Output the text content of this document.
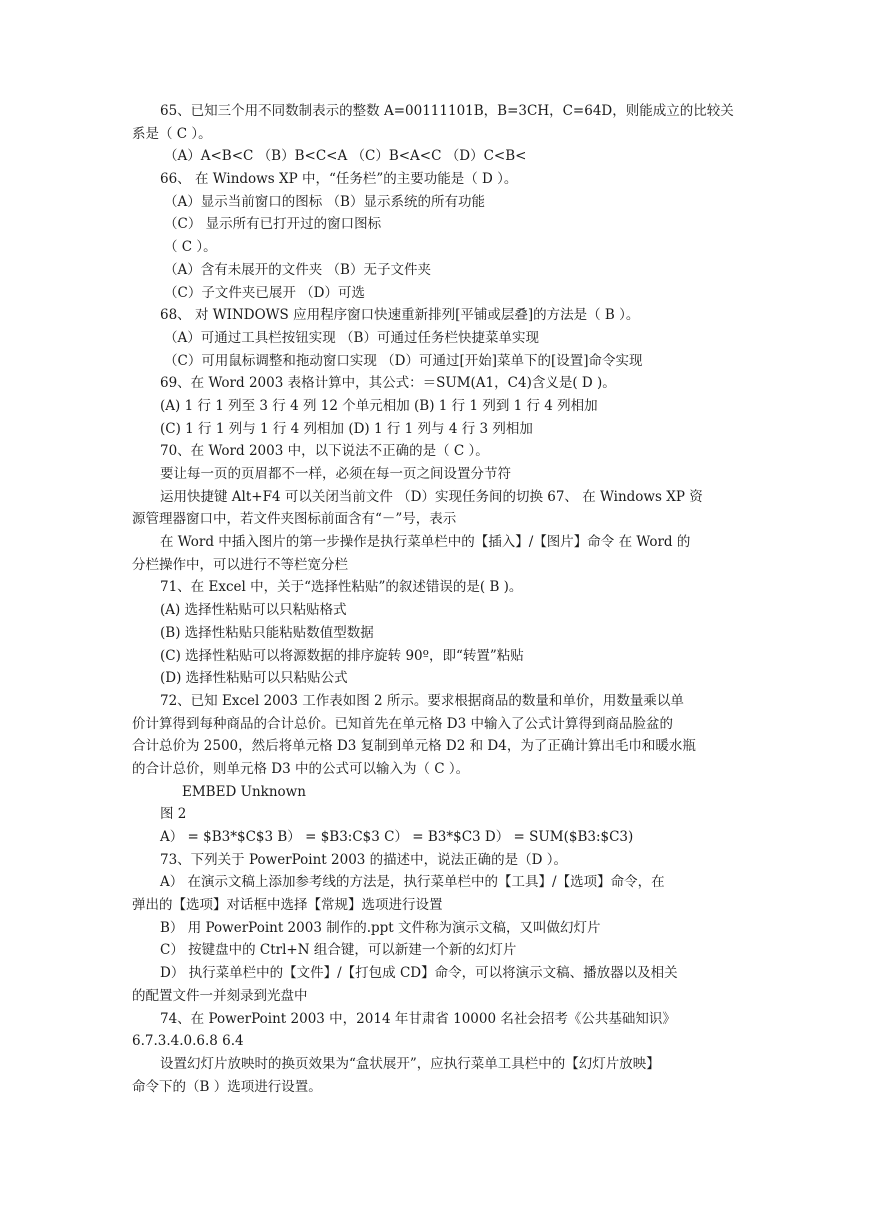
65、已知三个用不同数制表示的整数 A=00111101B，B=3CH，C=64D，则能成立的比较关
系是（ C ）。
（A）A<B<C （B）B<C<A （C）B<A<C （D）C<B<
66、 在 Windows XP 中，“任务栏”的主要功能是（ D ）。
（A）显示当前窗口的图标 （B）显示系统的所有功能
（C） 显示所有已打开过的窗口图标
（ C ）。
（A）含有未展开的文件夹 （B）无子文件夹
（C）子文件夹已展开 （D）可选
68、 对 WINDOWS 应用程序窗口快速重新排列[平铺或层叠]的方法是（ B ）。
（A）可通过工具栏按钮实现 （B）可通过任务栏快捷菜单实现
（C）可用鼠标调整和拖动窗口实现 （D）可通过[开始]菜单下的[设置]命令实现
69、在 Word 2003 表格计算中，其公式：＝SUM(A1，C4)含义是( D )。
(A) 1 行 1 列至 3 行 4 列 12 个单元相加 (B) 1 行 1 列到 1 行 4 列相加
(C) 1 行 1 列与 1 行 4 列相加 (D) 1 行 1 列与 4 行 3 列相加
70、在 Word 2003 中，以下说法不正确的是（ C ）。
要让每一页的页眉都不一样，必须在每一页之间设置分节符
运用快捷键 Alt+F4 可以关闭当前文件 （D）实现任务间的切换 67、 在 Windows XP 资
源管理器窗口中，若文件夹图标前面含有“－”号，表示
在 Word 中插入图片的第一步操作是执行菜单栏中的【插入】/【图片】命令 在 Word 的
分栏操作中，可以进行不等栏宽分栏
71、在 Excel 中，关于“选择性粘贴”的叙述错误的是( B )。
(A) 选择性粘贴可以只粘贴格式
(B) 选择性粘贴只能粘贴数值型数据
(C) 选择性粘贴可以将源数据的排序旋转 90º，即“转置”粘贴
(D) 选择性粘贴可以只粘贴公式
72、已知 Excel 2003 工作表如图 2 所示。要求根据商品的数量和单价，用数量乘以单
价计算得到每种商品的合计总价。已知首先在单元格 D3 中输入了公式计算得到商品脸盆的
合计总价为 2500，然后将单元格 D3 复制到单元格 D2 和 D4，为了正确计算出毛巾和暖水瓶
的合计总价，则单元格 D3 中的公式可以输入为（ C ）。
EMBED Unknown
图 2
A） = $B3*$C$3 B） = $B3:C$3 C） = B3*$C3 D） = SUM($B3:$C3)
73、下列关于 PowerPoint 2003 的描述中，说法正确的是（D ）。
A） 在演示文稿上添加参考线的方法是，执行菜单栏中的【工具】/【选项】命令，在
弹出的【选项】对话框中选择【常规】选项进行设置
B） 用 PowerPoint 2003 制作的.ppt 文件称为演示文稿，又叫做幻灯片
C） 按键盘中的 Ctrl+N 组合键，可以新建一个新的幻灯片
D） 执行菜单栏中的【文件】/【打包成 CD】命令，可以将演示文稿、播放器以及相关
的配置文件一并刻录到光盘中
74、在 PowerPoint 2003 中，2014 年甘肃省 10000 名社会招考《公共基础知识》
6.7.3.4.0.6.8 6.4
设置幻灯片放映时的换页效果为“盒状展开”，应执行菜单工具栏中的【幻灯片放映】
命令下的（B ）选项进行设置。
